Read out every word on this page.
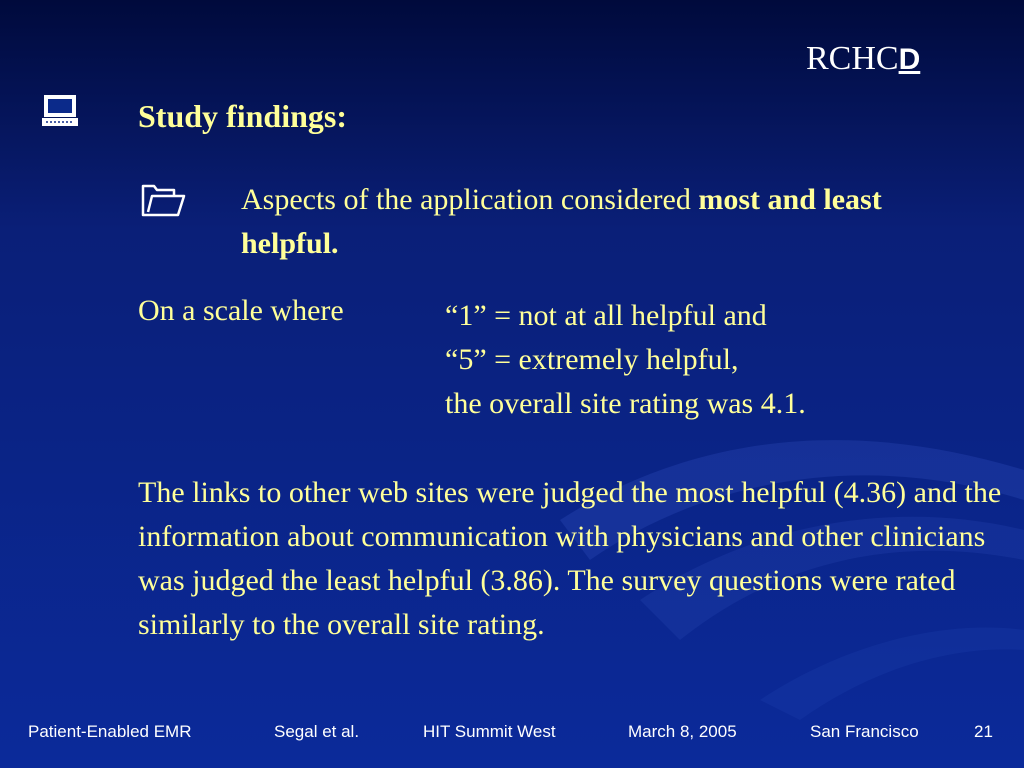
RCHCD
Study findings:
Aspects of the application considered most and least helpful.
On a scale where	“1” = not at all helpful and
“5” = extremely helpful,
the overall site rating was 4.1.
The links to other web sites were judged the most helpful (4.36) and the information about communication with physicians and other clinicians was judged the least helpful (3.86). The survey questions were rated similarly to the overall site rating.
Patient-Enabled EMR	Segal et al.	HIT Summit West	March 8, 2005	San Francisco	21
